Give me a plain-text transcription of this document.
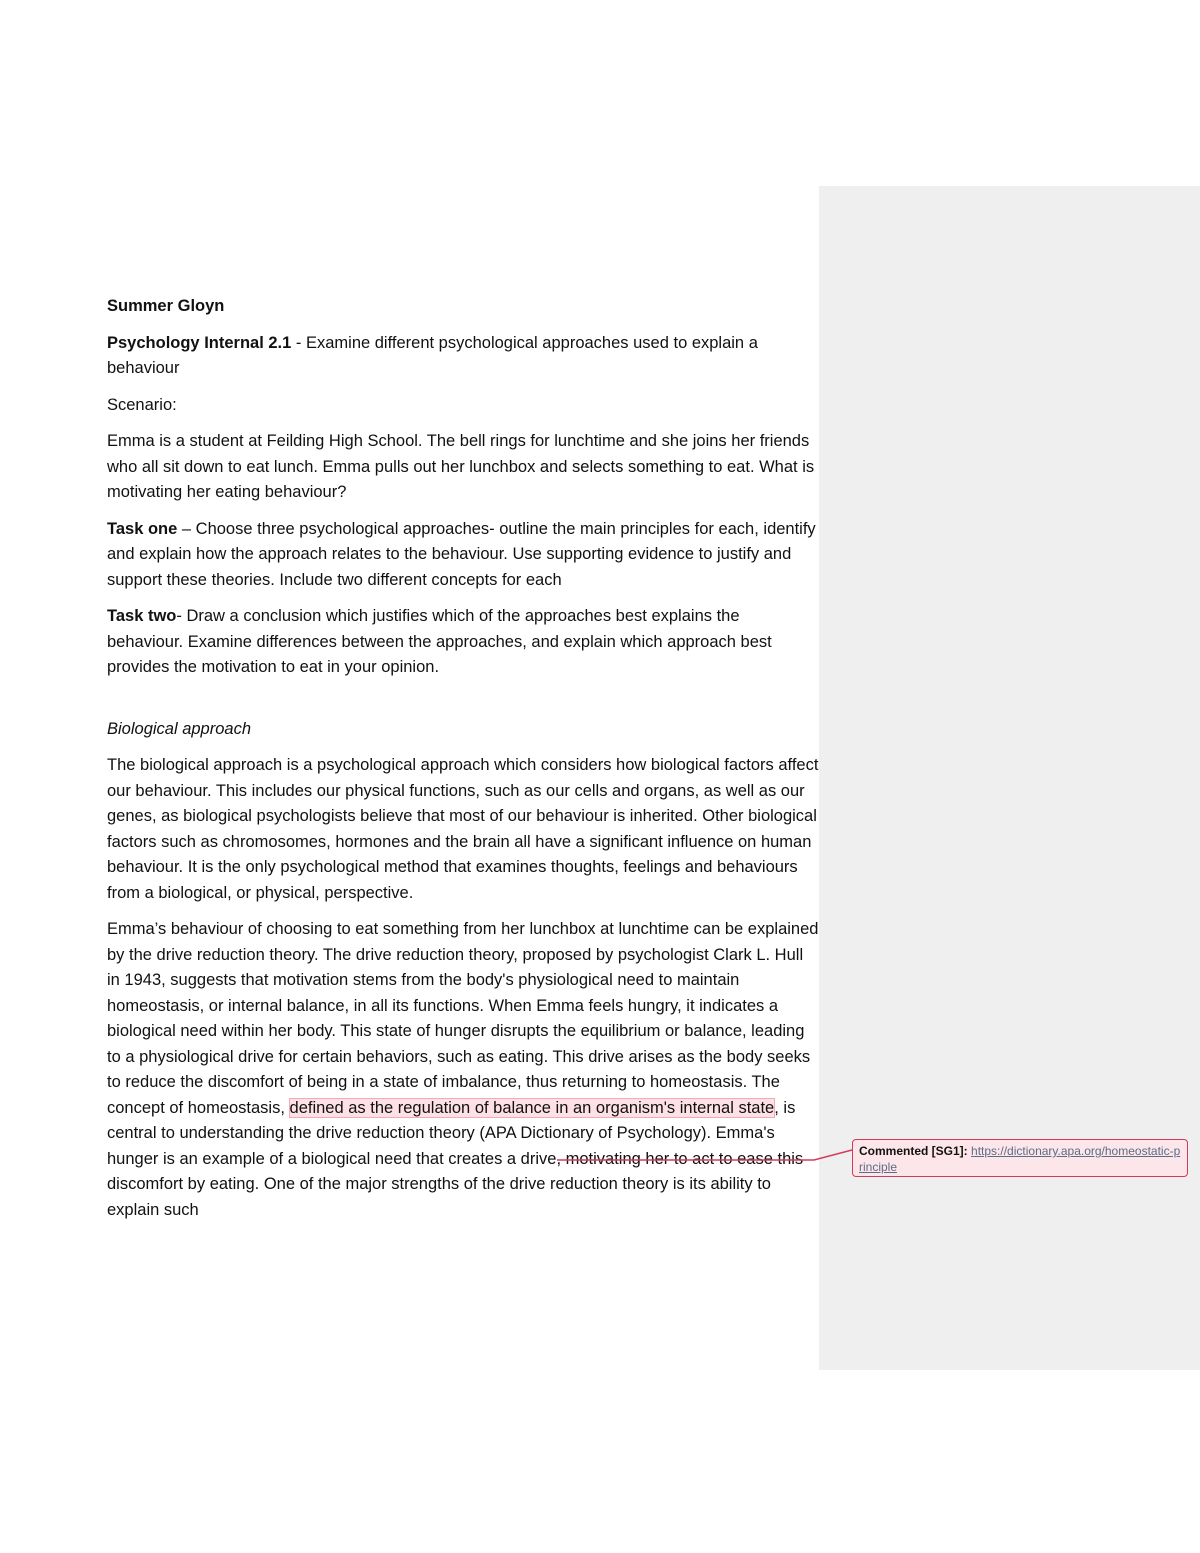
Summer Gloyn

Psychology Internal 2.1 - Examine different psychological approaches used to explain a behaviour

Scenario:

Emma is a student at Feilding High School. The bell rings for lunchtime and she joins her friends who all sit down to eat lunch. Emma pulls out her lunchbox and selects something to eat. What is motivating her eating behaviour?

Task one – Choose three psychological approaches- outline the main principles for each, identify and explain how the approach relates to the behaviour. Use supporting evidence to justify and support these theories. Include two different concepts for each

Task two- Draw a conclusion which justifies which of the approaches best explains the behaviour. Examine differences between the approaches, and explain which approach best provides the motivation to eat in your opinion.

Biological approach

The biological approach is a psychological approach which considers how biological factors affect our behaviour. This includes our physical functions, such as our cells and organs, as well as our genes, as biological psychologists believe that most of our behaviour is inherited. Other biological factors such as chromosomes, hormones and the brain all have a significant influence on human behaviour. It is the only psychological method that examines thoughts, feelings and behaviours from a biological, or physical, perspective.

Emma’s behaviour of choosing to eat something from her lunchbox at lunchtime can be explained by the drive reduction theory. The drive reduction theory, proposed by psychologist Clark L. Hull in 1943, suggests that motivation stems from the body's physiological need to maintain homeostasis, or internal balance, in all its functions. When Emma feels hungry, it indicates a biological need within her body. This state of hunger disrupts the equilibrium or balance, leading to a physiological drive for certain behaviors, such as eating. This drive arises as the body seeks to reduce the discomfort of being in a state of imbalance, thus returning to homeostasis. The concept of homeostasis, defined as the regulation of balance in an organism's internal state, is central to understanding the drive reduction theory (APA Dictionary of Psychology). Emma's hunger is an example of a biological need that creates a drive, motivating her to act to ease this discomfort by eating. One of the major strengths of the drive reduction theory is its ability to explain such

Commented [SG1]: https://dictionary.apa.org/homeostatic-principle
